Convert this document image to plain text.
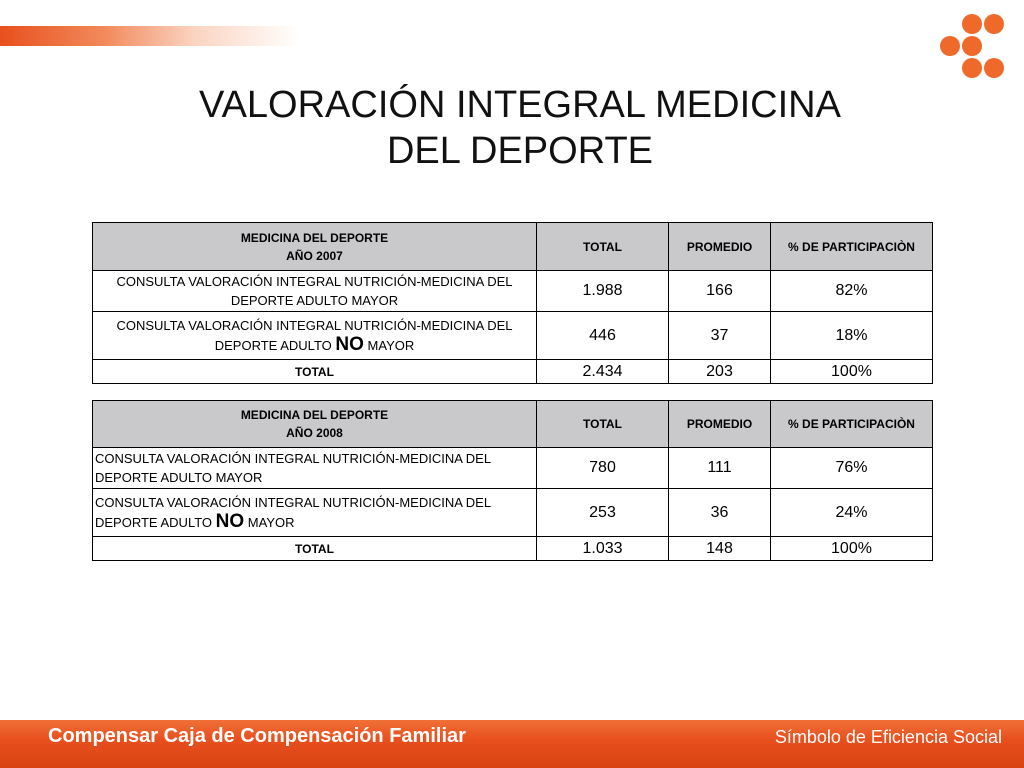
VALORACIÓN INTEGRAL MEDICINA
DEL DEPORTE
MEDICINA DEL DEPORTE
AÑO 2007	TOTAL	PROMEDIO	% DE PARTICIPACIÒN
CONSULTA VALORACIÓN INTEGRAL NUTRICIÓN-MEDICINA DEL
DEPORTE ADULTO MAYOR	1.988	166	82%
CONSULTA VALORACIÓN INTEGRAL NUTRICIÓN-MEDICINA DEL
DEPORTE ADULTO NO MAYOR	446	37	18%
TOTAL	2.434	203	100%
MEDICINA DEL DEPORTE
AÑO 2008	TOTAL	PROMEDIO	% DE PARTICIPACIÒN
CONSULTA VALORACIÓN INTEGRAL NUTRICIÓN-MEDICINA DEL
DEPORTE ADULTO MAYOR	780	111	76%
CONSULTA VALORACIÓN INTEGRAL NUTRICIÓN-MEDICINA DEL
DEPORTE ADULTO NO MAYOR	253	36	24%
TOTAL	1.033	148	100%
Compensar Caja de Compensación Familiar	Símbolo de Eficiencia Social
